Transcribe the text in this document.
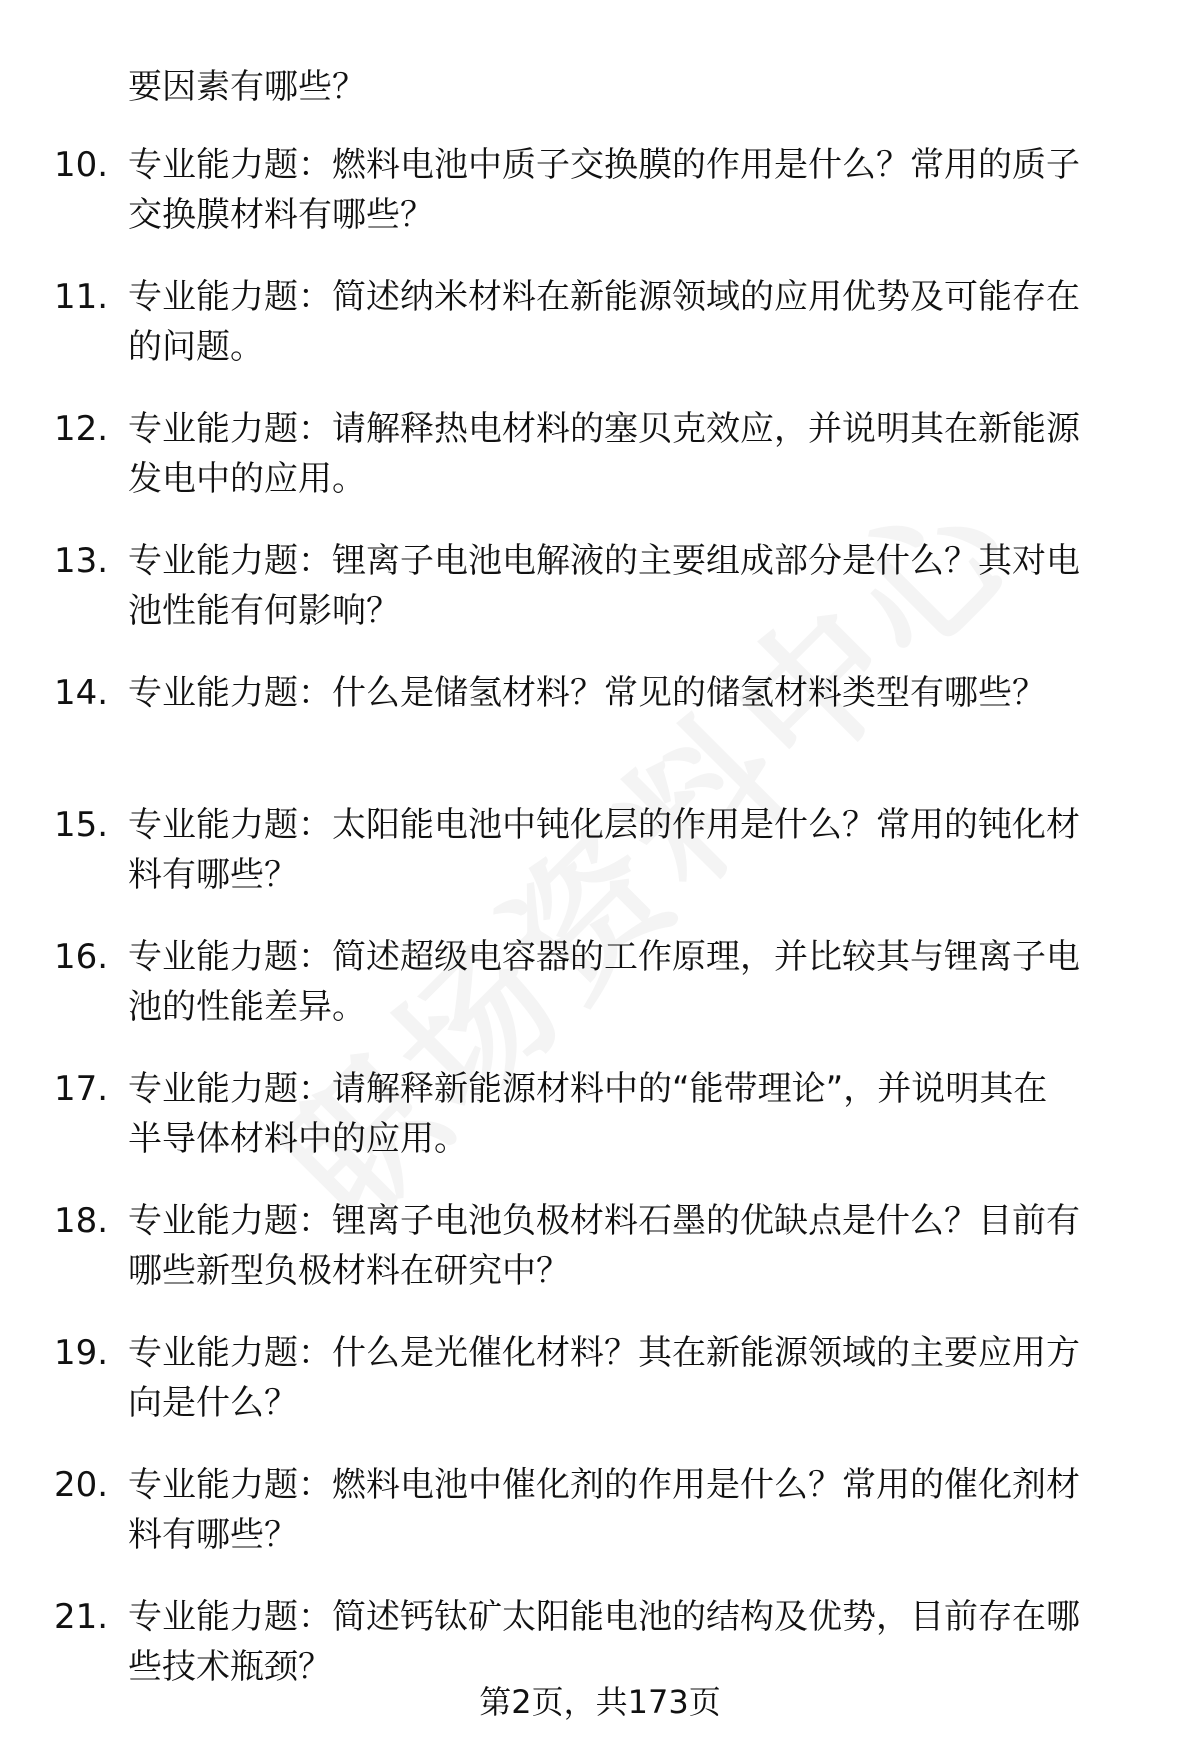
要因素有哪些？
10. 专业能力题：燃料电池中质子交换膜的作用是什么？常用的质子
交换膜材料有哪些？
11. 专业能力题：简述纳米材料在新能源领域的应用优势及可能存在
的问题。
12. 专业能力题：请解释热电材料的塞贝克效应，并说明其在新能源
发电中的应用。
13. 专业能力题：锂离子电池电解液的主要组成部分是什么？其对电
池性能有何影响？
14. 专业能力题：什么是储氢材料？常见的储氢材料类型有哪些？
15. 专业能力题：太阳能电池中钝化层的作用是什么？常用的钝化材
料有哪些？
16. 专业能力题：简述超级电容器的工作原理，并比较其与锂离子电
池的性能差异。
17. 专业能力题：请解释新能源材料中的“能带理论”，并说明其在
半导体材料中的应用。
18. 专业能力题：锂离子电池负极材料石墨的优缺点是什么？目前有
哪些新型负极材料在研究中？
19. 专业能力题：什么是光催化材料？其在新能源领域的主要应用方
向是什么？
20. 专业能力题：燃料电池中催化剂的作用是什么？常用的催化剂材
料有哪些？
21. 专业能力题：简述钙钛矿太阳能电池的结构及优势，目前存在哪
些技术瓶颈？
第2页，共173页
